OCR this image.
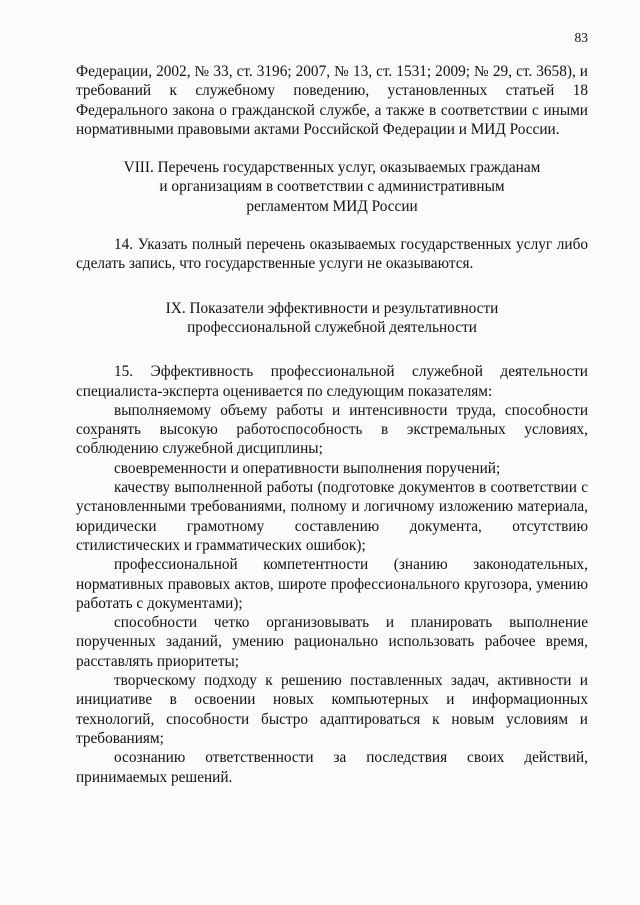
83

Федерации, 2002, № 33, ст. 3196; 2007, № 13, ст. 1531; 2009; № 29, ст. 3658), и требований к служебному поведению, установленных статьей 18 Федерального закона о гражданской службе, а также в соответствии с иными нормативными правовыми актами Российской Федерации и МИД России.

VIII. Перечень государственных услуг, оказываемых гражданам и организациям в соответствии с административным регламентом МИД России

14. Указать полный перечень оказываемых государственных услуг либо сделать запись, что государственные услуги не оказываются.

IX. Показатели эффективности и результативности профессиональной служебной деятельности

15. Эффективность профессиональной служебной деятельности специалиста-эксперта оценивается по следующим показателям:

выполняемому объему работы и интенсивности труда, способности сохранять высокую работоспособность в экстремальных условиях, соблюдению служебной дисциплины;

своевременности и оперативности выполнения поручений;

качеству выполненной работы (подготовке документов в соответствии с установленными требованиями, полному и логичному изложению материала, юридически грамотному составлению документа, отсутствию стилистических и грамматических ошибок);

профессиональной компетентности (знанию законодательных, нормативных правовых актов, широте профессионального кругозора, умению работать с документами);

способности четко организовывать и планировать выполнение порученных заданий, умению рационально использовать рабочее время, расставлять приоритеты;

творческому подходу к решению поставленных задач, активности и инициативе в освоении новых компьютерных и информационных технологий, способности быстро адаптироваться к новым условиям и требованиям;

осознанию ответственности за последствия своих действий, принимаемых решений.
